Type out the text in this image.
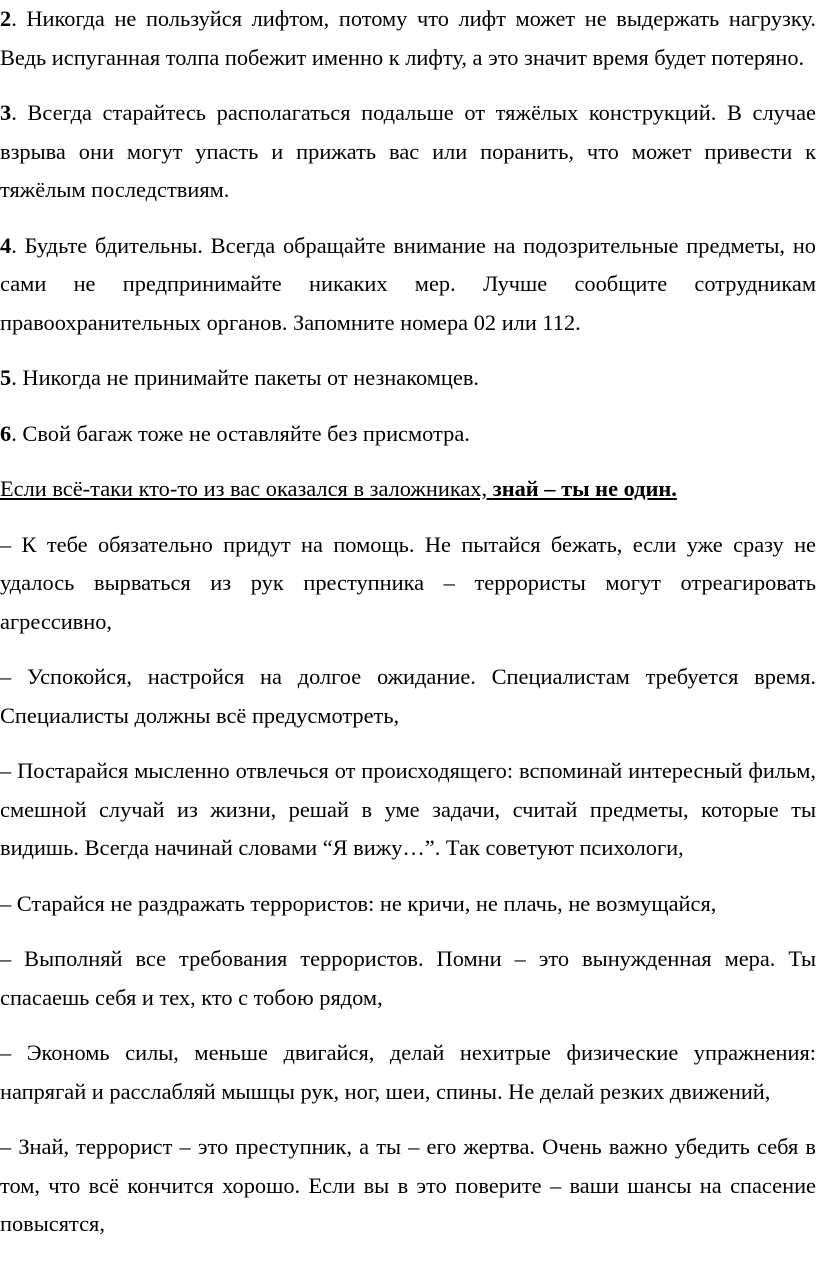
2. Никогда не пользуйся лифтом, потому что лифт может не выдержать нагрузку. Ведь испуганная толпа побежит именно к лифту, а это значит время будет потеряно.

3. Всегда старайтесь располагаться подальше от тяжёлых конструкций. В случае взрыва они могут упасть и прижать вас или поранить, что может привести к тяжёлым последствиям.

4. Будьте бдительны. Всегда обращайте внимание на подозрительные предметы, но сами не предпринимайте никаких мер. Лучше сообщите сотрудникам правоохранительных органов. Запомните номера 02 или 112.

5. Никогда не принимайте пакеты от незнакомцев.

6. Свой багаж тоже не оставляйте без присмотра.

Если всё-таки кто-то из вас оказался в заложниках, знай – ты не один.

– К тебе обязательно придут на помощь. Не пытайся бежать, если уже сразу не удалось вырваться из рук преступника – террористы могут отреагировать агрессивно,

– Успокойся, настройся на долгое ожидание. Специалистам требуется время. Специалисты должны всё предусмотреть,

– Постарайся мысленно отвлечься от происходящего: вспоминай интересный фильм, смешной случай из жизни, решай в уме задачи, считай предметы, которые ты видишь. Всегда начинай словами “Я вижу…”. Так советуют психологи,

– Старайся не раздражать террористов: не кричи, не плачь, не возмущайся,

– Выполняй все требования террористов. Помни – это вынужденная мера. Ты спасаешь себя и тех, кто с тобою рядом,

– Экономь силы, меньше двигайся, делай нехитрые физические упражнения: напрягай и расслабляй мышцы рук, ног, шеи, спины. Не делай резких движений,

– Знай, террорист – это преступник, а ты – его жертва. Очень важно убедить себя в том, что всё кончится хорошо. Если вы в это поверите – ваши шансы на спасение повысятся,
